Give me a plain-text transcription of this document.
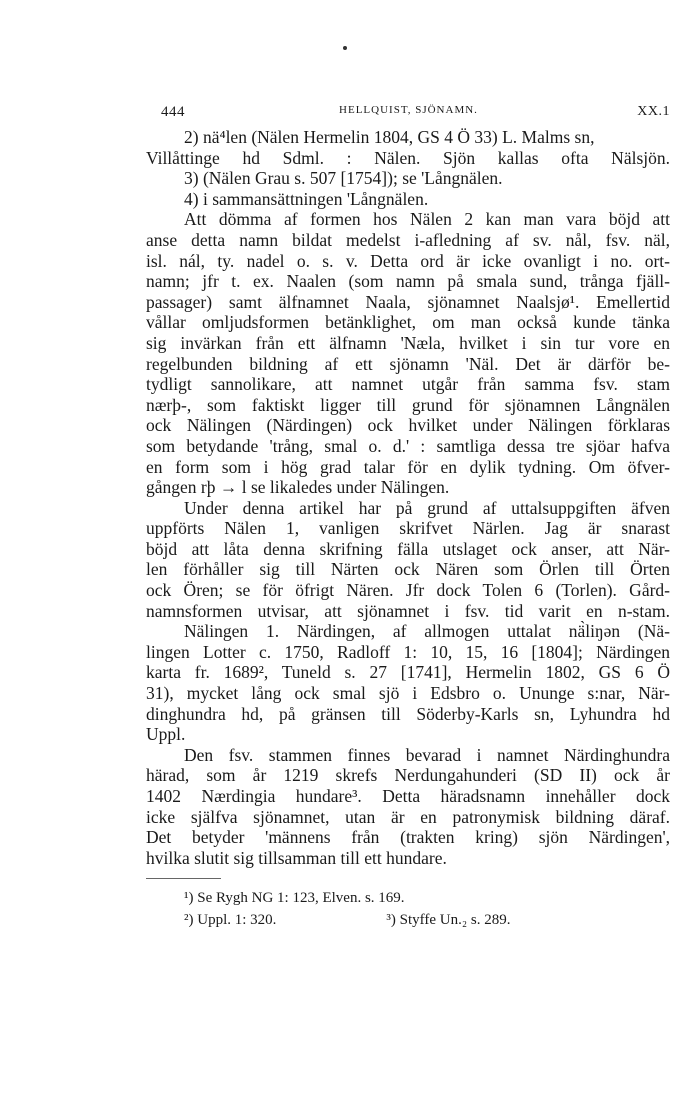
444	HELLQUIST, SJÖNAMN.	XX.1
2) nä⁴len (Nälen Hermelin 1804, GS 4 Ö 33) L. Malms sn,
Villåttinge hd Sdml. : Nälen. Sjön kallas ofta Nälsjön.
3) (Nälen Grau s. 507 [1754]); se 'Långnälen.
4) i sammansättningen 'Långnälen.
Att dömma af formen hos Nälen 2 kan man vara böjd att
anse detta namn bildat medelst i-afledning af sv. nål, fsv. näl,
isl. nál, ty. nadel o. s. v. Detta ord är icke ovanligt i no. ort-
namn; jfr t. ex. Naalen (som namn på smala sund, trånga fjäll-
passager) samt älfnamnet Naala, sjönamnet Naalsjø¹. Emellertid
vållar omljudsformen betänklighet, om man också kunde tänka
sig invärkan från ett älfnamn 'Næla, hvilket i sin tur vore en
regelbunden bildning af ett sjönamn 'Näl. Det är därför be-
tydligt sannolikare, att namnet utgår från samma fsv. stam
nærþ-, som faktiskt ligger till grund för sjönamnen Långnälen
ock Nälingen (Närdingen) ock hvilket under Nälingen förklaras
som betydande 'trång, smal o. d.' : samtliga dessa tre sjöar hafva
en form som i hög grad talar för en dylik tydning. Om öfver-
gången rþ → l se likaledes under Nälingen.
Under denna artikel har på grund af uttalsuppgiften äfven
uppförts Nälen 1, vanligen skrifvet Närlen. Jag är snarast
böjd att låta denna skrifning fälla utslaget ock anser, att När-
len förhåller sig till Närten ock Nären som Örlen till Örten
ock Ören; se för öfrigt Nären. Jfr dock Tolen 6 (Torlen). Gård-
namnsformen utvisar, att sjönamnet i fsv. tid varit en n-stam.
Nälingen 1. Närdingen, af allmogen uttalat nä̀liŋən (Nä-
lingen Lotter c. 1750, Radloff 1: 10, 15, 16 [1804]; Närdingen
karta fr. 1689², Tuneld s. 27 [1741], Hermelin 1802, GS 6 Ö
31), mycket lång ock smal sjö i Edsbro o. Ununge s:nar, När-
dinghundra hd, på gränsen till Söderby-Karls sn, Lyhundra hd
Uppl.
Den fsv. stammen finnes bevarad i namnet Närdinghundra
härad, som år 1219 skrefs Nerdungahunderi (SD II) ock år
1402 Nærdingia hundare³. Detta häradsnamn innehåller dock
icke själfva sjönamnet, utan är en patronymisk bildning däraf.
Det betyder 'männens från (trakten kring) sjön Närdingen',
hvilka slutit sig tillsamman till ett hundare.
¹) Se Rygh NG 1: 123, Elven. s. 169.
²) Uppl. 1: 320.	³) Styffe Un.₂ s. 289.
